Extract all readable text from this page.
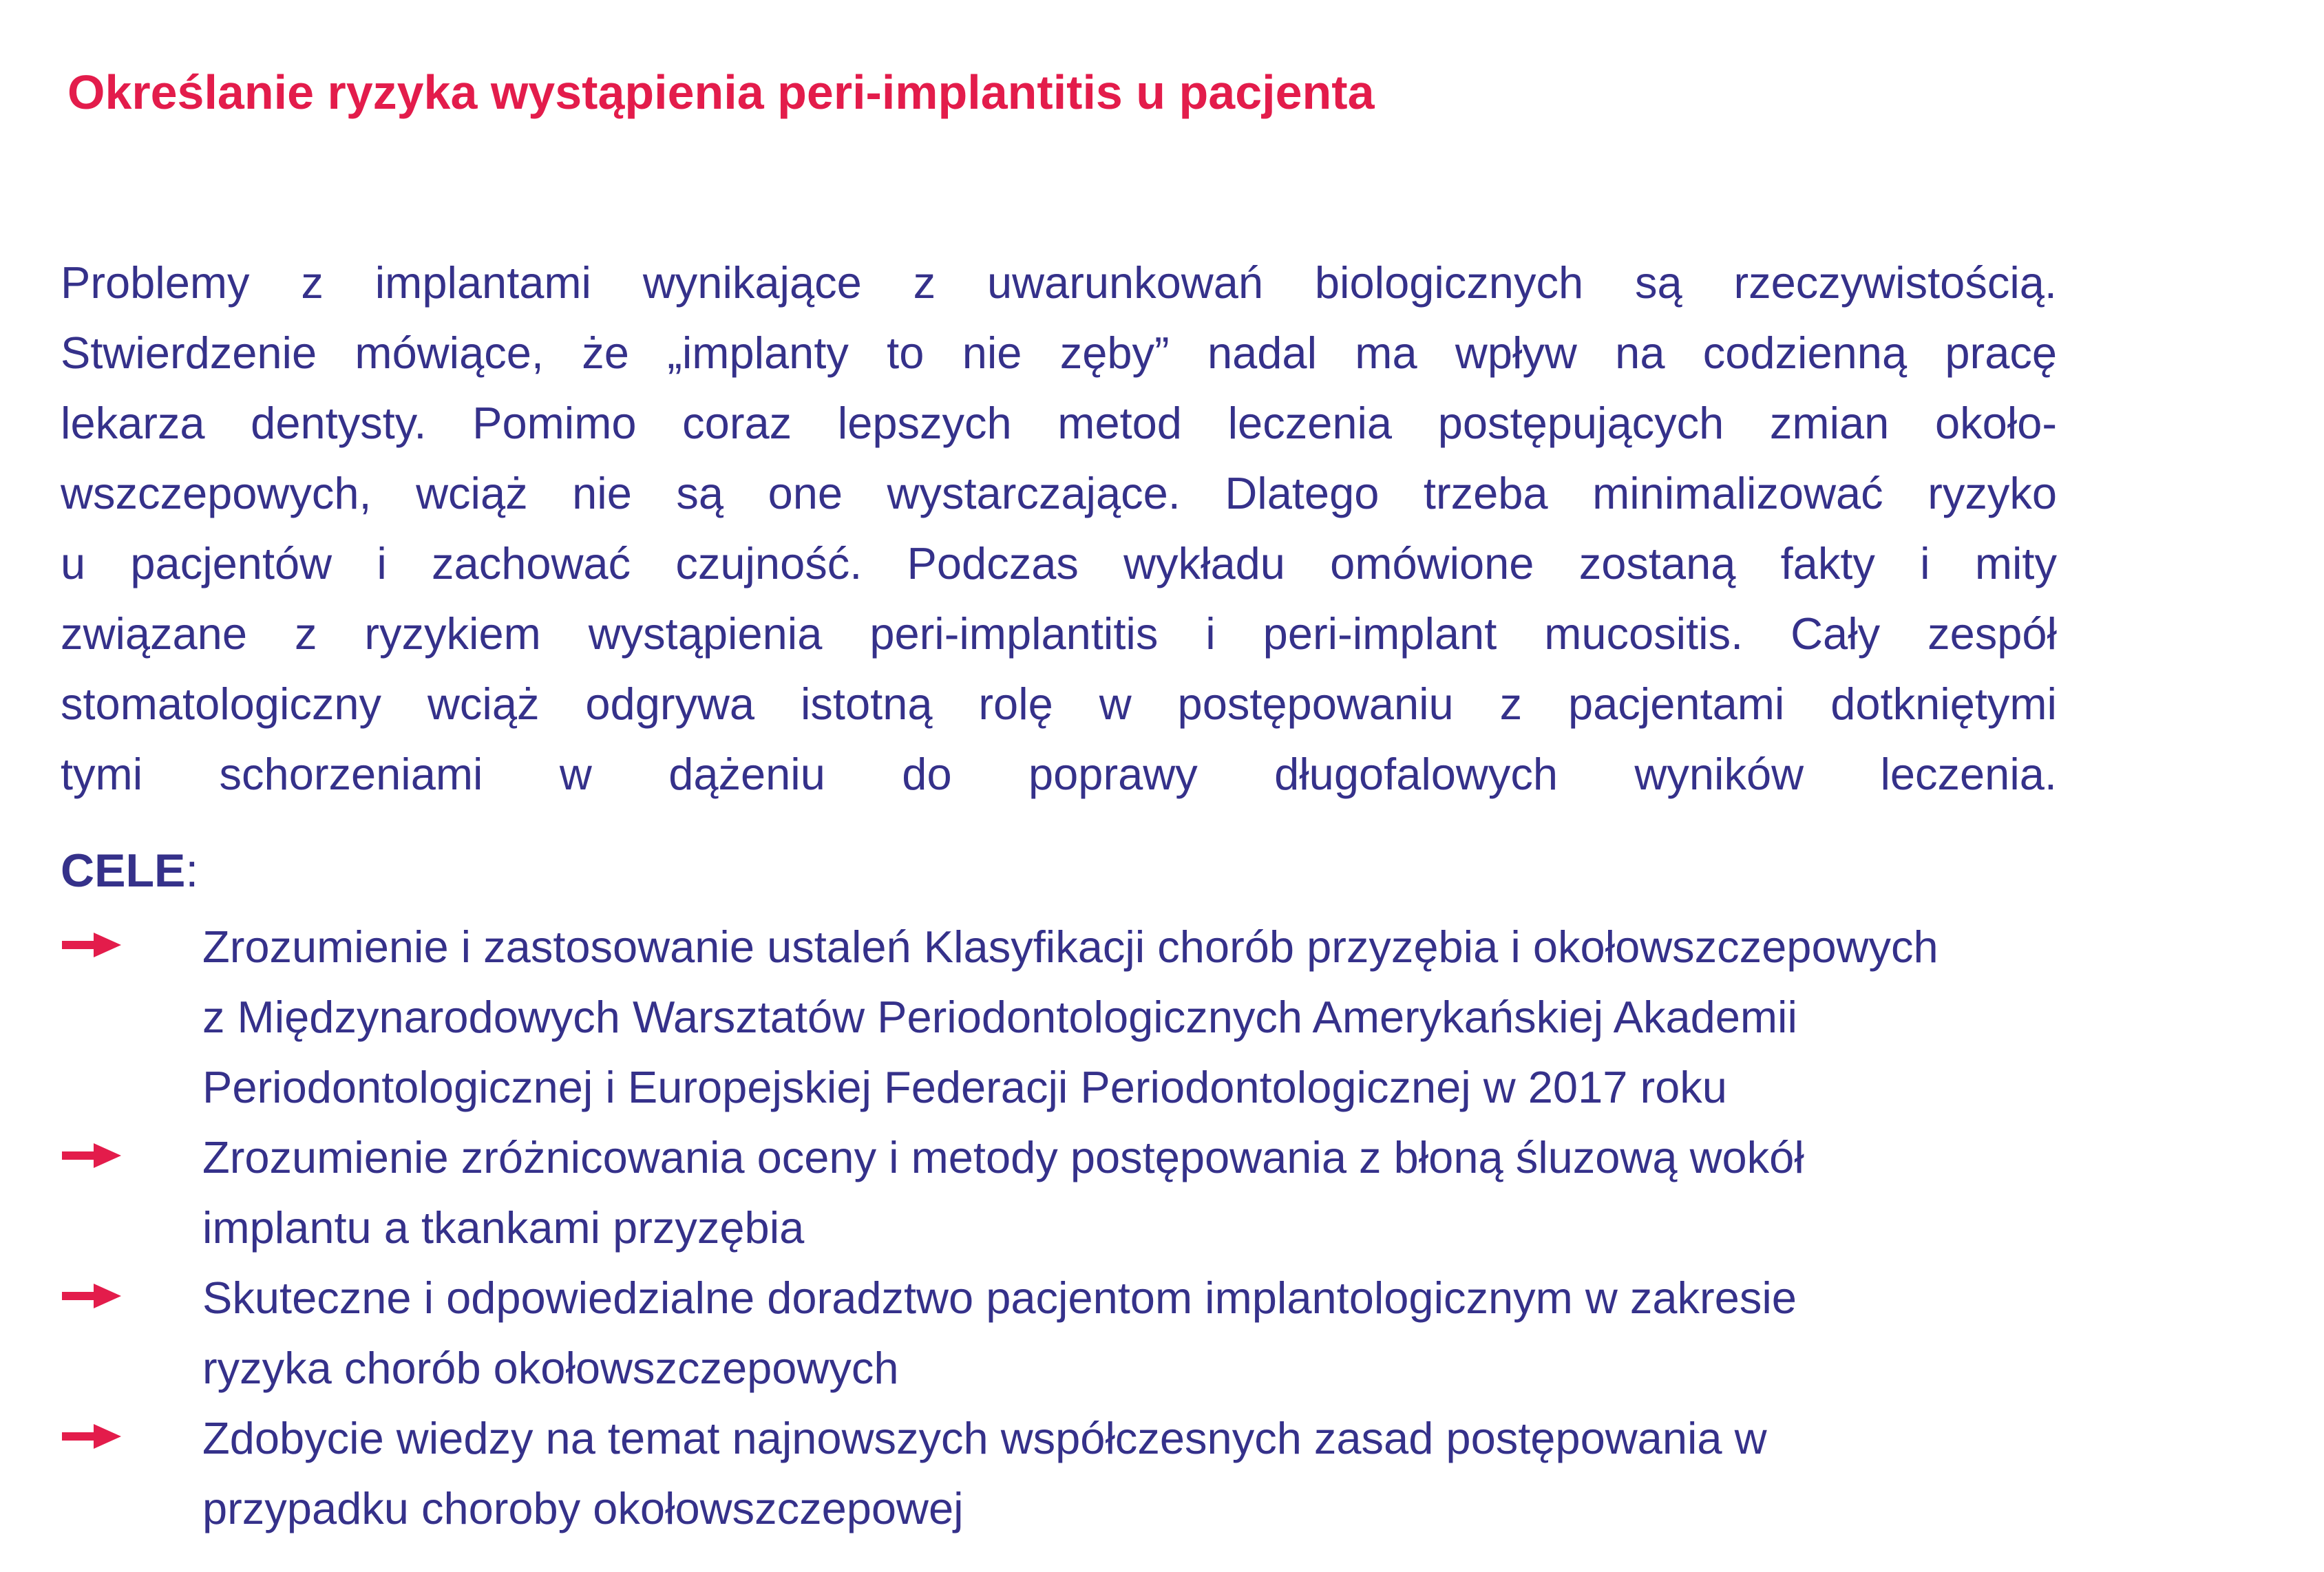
Określanie ryzyka wystąpienia peri-implantitis u pacjenta
Problemy z implantami wynikające z uwarunkowań biologicznych są rzeczywistością.
Stwierdzenie mówiące, że „implanty to nie zęby” nadal ma wpływ na codzienną pracę
lekarza dentysty. Pomimo coraz lepszych metod leczenia postępujących zmian około-
wszczepowych, wciąż nie są one wystarczające. Dlatego trzeba minimalizować ryzyko
u pacjentów i zachować czujność. Podczas wykładu omówione zostaną fakty i mity
związane z ryzykiem wystąpienia peri-implantitis i peri-implant mucositis. Cały zespół
stomatologiczny wciąż odgrywa istotną rolę w postępowaniu z pacjentami dotkniętymi
tymi schorzeniami w dążeniu do poprawy długofalowych wyników leczenia.
CELE:
Zrozumienie i zastosowanie ustaleń Klasyfikacji chorób przyzębia i okołowszczepowych
z Międzynarodowych Warsztatów Periodontologicznych Amerykańskiej Akademii
Periodontologicznej i Europejskiej Federacji Periodontologicznej w 2017 roku
Zrozumienie zróżnicowania oceny i metody postępowania z błoną śluzową wokół
implantu a tkankami przyzębia
Skuteczne i odpowiedzialne doradztwo pacjentom implantologicznym w zakresie
ryzyka chorób okołowszczepowych
Zdobycie wiedzy na temat najnowszych współczesnych zasad postępowania w
przypadku choroby okołowszczepowej
